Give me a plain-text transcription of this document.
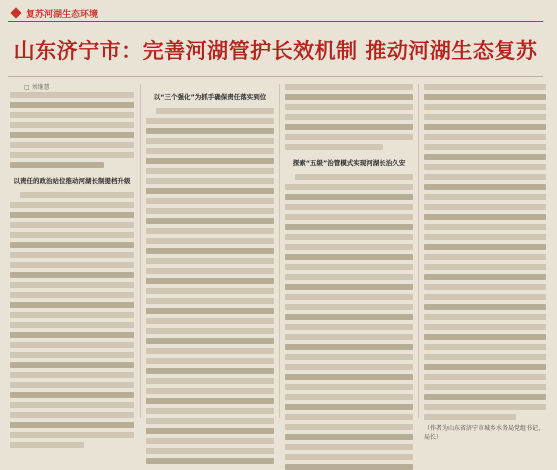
复苏河湖生态环境
山东济宁市：完善河湖管护长效机制 推动河湖生态复苏
□ 刘继慧
以责任的政治站位推动河湖长制提档升级
以“三个强化”为抓手确保责任落实到位
探索“五级”治管模式实现河湖长治久安
（作者为山东省济宁市城乡水务局党组书记、局长）
